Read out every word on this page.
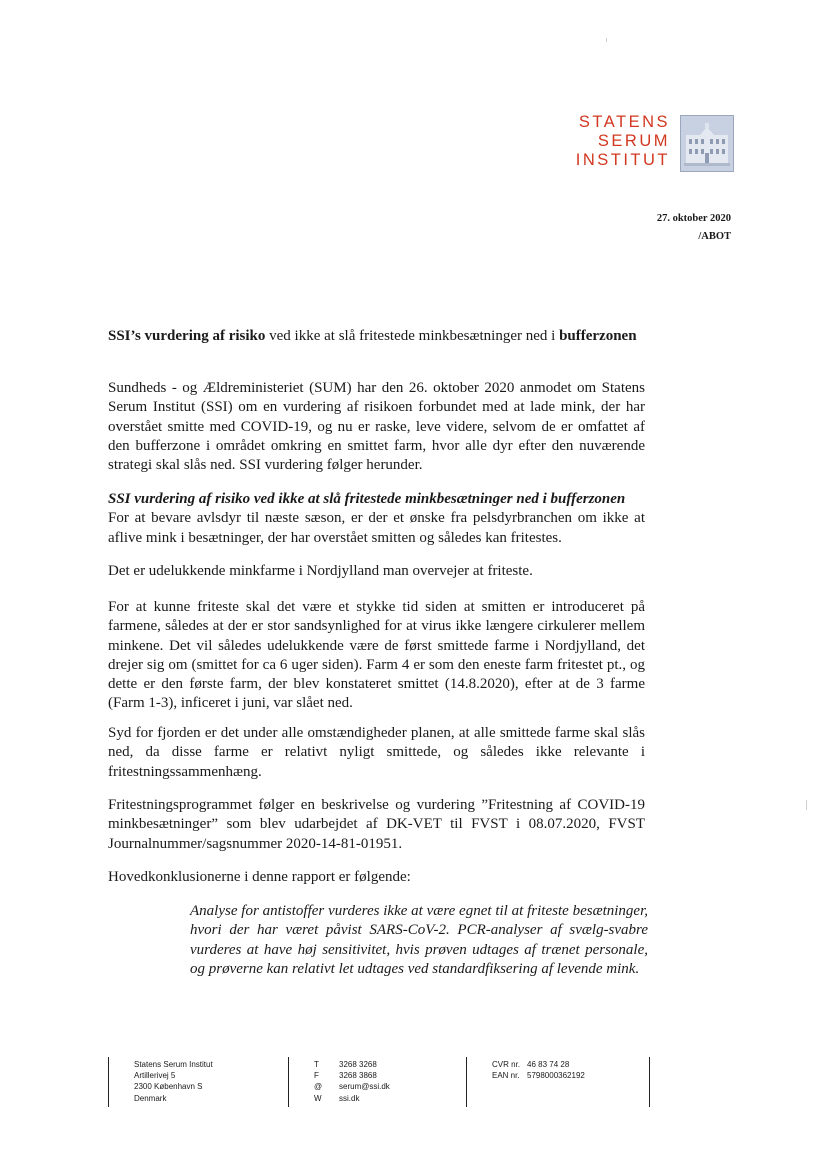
STATENS
SERUM
INSTITUT
27. oktober 2020
/ABOT

SSI’s vurdering af risiko ved ikke at slå fritestede minkbesætninger ned i bufferzonen

Sundheds - og Ældreministeriet (SUM) har den 26. oktober 2020 anmodet om Statens Serum Institut (SSI) om en vurdering af risikoen forbundet med at lade mink, der har overstået smitte med COVID-19, og nu er raske, leve videre, selvom de er omfattet af den bufferzone i området omkring en smittet farm, hvor alle dyr efter den nuværende strategi skal slås ned. SSI vurdering følger herunder.

SSI vurdering af risiko ved ikke at slå fritestede minkbesætninger ned i bufferzonen
For at bevare avlsdyr til næste sæson, er der et ønske fra pelsdyrbranchen om ikke at aflive mink i besætninger, der har overstået smitten og således kan fritestes.

Det er udelukkende minkfarme i Nordjylland man overvejer at friteste.

For at kunne friteste skal det være et stykke tid siden at smitten er introduceret på farmene, således at der er stor sandsynlighed for at virus ikke længere cirkulerer mellem minkene. Det vil således udelukkende være de først smittede farme i Nordjylland, det drejer sig om (smittet for ca 6 uger siden). Farm 4 er som den eneste farm fritestet pt., og dette er den første farm, der blev konstateret smittet (14.8.2020), efter at de 3 farme (Farm 1-3), inficeret i juni, var slået ned.

Syd for fjorden er det under alle omstændigheder planen, at alle smittede farme skal slås ned, da disse farme er relativt nyligt smittede, og således ikke relevante i fritestningssammenhæng.

Fritestningsprogrammet følger en beskrivelse og vurdering ”Fritestning af COVID-19 minkbesætninger” som blev udarbejdet af DK-VET til FVST i 08.07.2020, FVST Journalnummer/sagsnummer 2020-14-81-01951.

Hovedkonklusionerne i denne rapport er følgende:

Analyse for antistoffer vurderes ikke at være egnet til at friteste besætninger, hvori der har været påvist SARS-CoV-2. PCR-analyser af svælg-svabre vurderes at have høj sensitivitet, hvis prøven udtages af trænet personale, og prøverne kan relativt let udtages ved standardfiksering af levende mink.

Statens Serum Institut
Artillerivej 5
2300 København S
Denmark
T	3268 3268
F	3268 3868
@ serum@ssi.dk
W ssi.dk
CVR nr. 46 83 74 28
EAN nr. 5798000362192
